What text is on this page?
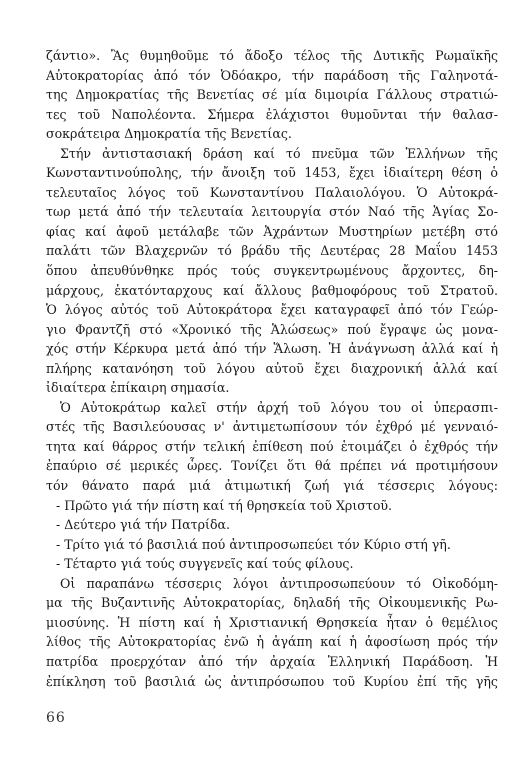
ζάντιο». Ἂς θυμηθοῦμε τό ἄδοξο τέλος τῆς Δυτικῆς Ρωμαϊκῆς
Αὐτοκρατορίας ἀπό τόν Ὀδόακρο, τήν παράδοση τῆς Γαληνοτά-
της Δημοκρατίας τῆς Βενετίας σέ μία διμοιρία Γάλλους στρατιώ-
τες τοῦ Ναπολέοντα. Σήμερα ἐλάχιστοι θυμοῦνται τήν θαλασ-
σοκράτειρα Δημοκρατία τῆς Βενετίας.
Στήν ἀντιστασιακή δράση καί τό πνεῦμα τῶν Ἑλλήνων τῆς
Κωνσταντινούπολης, τήν ἄνοιξη τοῦ 1453, ἔχει ἰδιαίτερη θέση ὁ
τελευταῖος λόγος τοῦ Κωνσταντίνου Παλαιολόγου. Ὁ Αὐτοκρά-
τωρ μετά ἀπό τήν τελευταία λειτουργία στόν Ναό τῆς Ἁγίας Σο-
φίας καί ἀφοῦ μετάλαβε τῶν Ἀχράντων Μυστηρίων μετέβη στό
παλάτι τῶν Βλαχερνῶν τό βράδυ τῆς Δευτέρας 28 Μαΐου 1453
ὅπου ἀπευθύνθηκε πρός τούς συγκεντρωμένους ἄρχοντες, δη-
μάρχους, ἑκατόνταρχους καί ἄλλους βαθμοφόρους τοῦ Στρατοῦ.
Ὁ λόγος αὐτός τοῦ Αὐτοκράτορα ἔχει καταγραφεῖ ἀπό τόν Γεώρ-
γιο Φραντζῆ στό «Χρονικό τῆς Ἁλώσεως» πού ἔγραψε ὡς μονα-
χός στήν Κέρκυρα μετά ἀπό τήν Ἅλωση. Ἡ ἀνάγνωση ἀλλά καί ἡ
πλήρης κατανόηση τοῦ λόγου αὐτοῦ ἔχει διαχρονική ἀλλά καί
ἰδιαίτερα ἐπίκαιρη σημασία.
Ὁ Αὐτοκράτωρ καλεῖ στήν ἀρχή τοῦ λόγου του οἱ ὑπερασπι-
στές τῆς Βασιλεύουσας ν' ἀντιμετωπίσουν τόν ἐχθρό μέ γενναιό-
τητα καί θάρρος στήν τελική ἐπίθεση πού ἑτοιμάζει ὁ ἐχθρός τήν
ἐπαύριο σέ μερικές ὧρες. Τονίζει ὅτι θά πρέπει νά προτιμήσουν
τόν θάνατο παρά μιά ἀτιμωτική ζωή γιά τέσσερις λόγους:
- Πρῶτο γιά τήν πίστη καί τή θρησκεία τοῦ Χριστοῦ.
- Δεύτερο γιά τήν Πατρίδα.
- Τρίτο γιά τό βασιλιά πού ἀντιπροσωπεύει τόν Κύριο στή γῆ.
- Τέταρτο γιά τούς συγγενεῖς καί τούς φίλους.
Οἱ παραπάνω τέσσερις λόγοι ἀντιπροσωπεύουν τό Οἰκοδόμη-
μα τῆς Βυζαντινῆς Αὐτοκρατορίας, δηλαδή τῆς Οἰκουμενικῆς Ρω-
μιοσύνης. Ἡ πίστη καί ἡ Χριστιανική Θρησκεία ἦταν ὁ θεμέλιος
λίθος τῆς Αὐτοκρατορίας ἐνῶ ἡ ἀγάπη καί ἡ ἀφοσίωση πρός τήν
πατρίδα προερχόταν ἀπό τήν ἀρχαία Ἑλληνική Παράδοση. Ἡ
ἐπίκληση τοῦ βασιλιά ὡς ἀντιπρόσωπου τοῦ Κυρίου ἐπί τῆς γῆς
66
